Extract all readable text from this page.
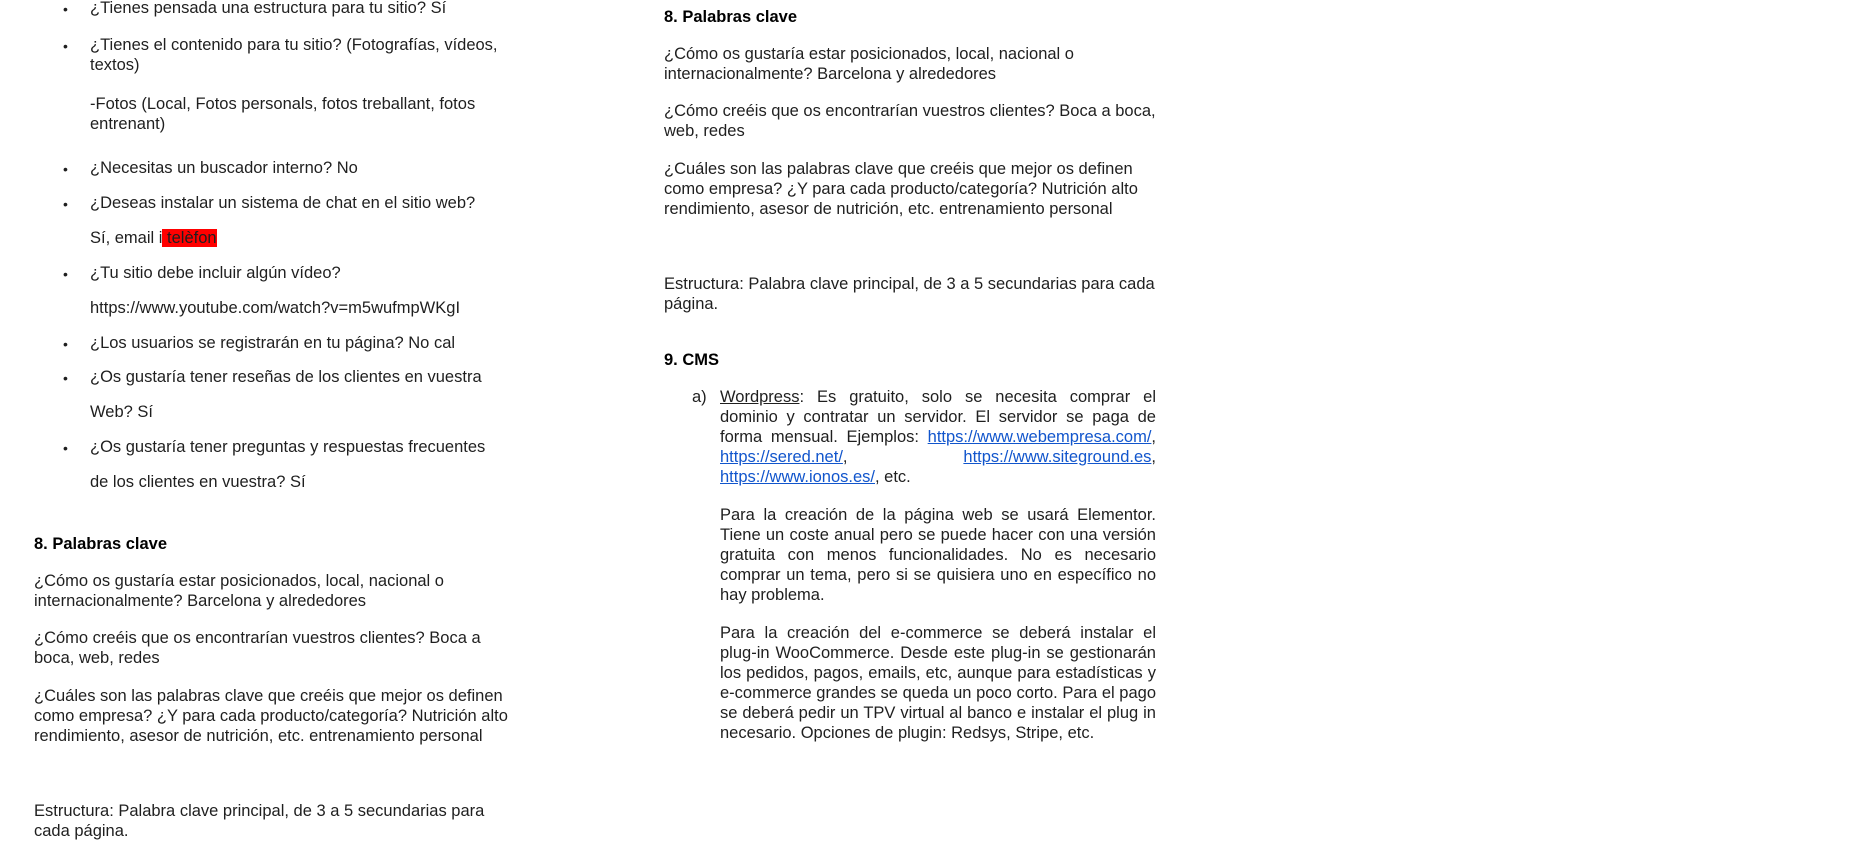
• ¿Tienes pensada una estructura para tu sitio? Sí
• ¿Tienes el contenido para tu sitio? (Fotografías, vídeos, textos)
-Fotos (Local, Fotos personals, fotos treballant, fotos entrenant)
• ¿Necesitas un buscador interno? No
• ¿Deseas instalar un sistema de chat en el sitio web?
Sí, email i telèfon
• ¿Tu sitio debe incluir algún vídeo?
https://www.youtube.com/watch?v=m5wufmpWKgI
• ¿Los usuarios se registrarán en tu página? No cal
• ¿Os gustaría tener reseñas de los clientes en vuestra
Web? Sí
• ¿Os gustaría tener preguntas y respuestas frecuentes
de los clientes en vuestra? Sí
8. Palabras clave

¿Cómo os gustaría estar posicionados, local, nacional o internacionalmente? Barcelona y alrededores

¿Cómo creéis que os encontrarían vuestros clientes? Boca a boca, web, redes

¿Cuáles son las palabras clave que creéis que mejor os definen como empresa? ¿Y para cada producto/categoría? Nutrición alto rendimiento, asesor de nutrición, etc. entrenamiento personal

Estructura: Palabra clave principal, de 3 a 5 secundarias para cada página.

8. Palabras clave

¿Cómo os gustaría estar posicionados, local, nacional o internacionalmente? Barcelona y alrededores

¿Cómo creéis que os encontrarían vuestros clientes? Boca a boca, web, redes

¿Cuáles son las palabras clave que creéis que mejor os definen como empresa? ¿Y para cada producto/categoría? Nutrición alto rendimiento, asesor de nutrición, etc. entrenamiento personal

Estructura: Palabra clave principal, de 3 a 5 secundarias para cada página.

9. CMS
a) Wordpress: Es gratuito, solo se necesita comprar el dominio y contratar un servidor. El servidor se paga de forma mensual. Ejemplos: https://www.webempresa.com/, https://sered.net/, https://www.siteground.es, https://www.ionos.es/, etc.

Para la creación de la página web se usará Elementor. Tiene un coste anual pero se puede hacer con una versión gratuita con menos funcionalidades. No es necesario comprar un tema, pero si se quisiera uno en específico no hay problema.

Para la creación del e-commerce se deberá instalar el plug-in WooCommerce. Desde este plug-in se gestionarán los pedidos, pagos, emails, etc, aunque para estadísticas y e-commerce grandes se queda un poco corto. Para el pago se deberá pedir un TPV virtual al banco e instalar el plug in necesario. Opciones de plugin: Redsys, Stripe, etc.
